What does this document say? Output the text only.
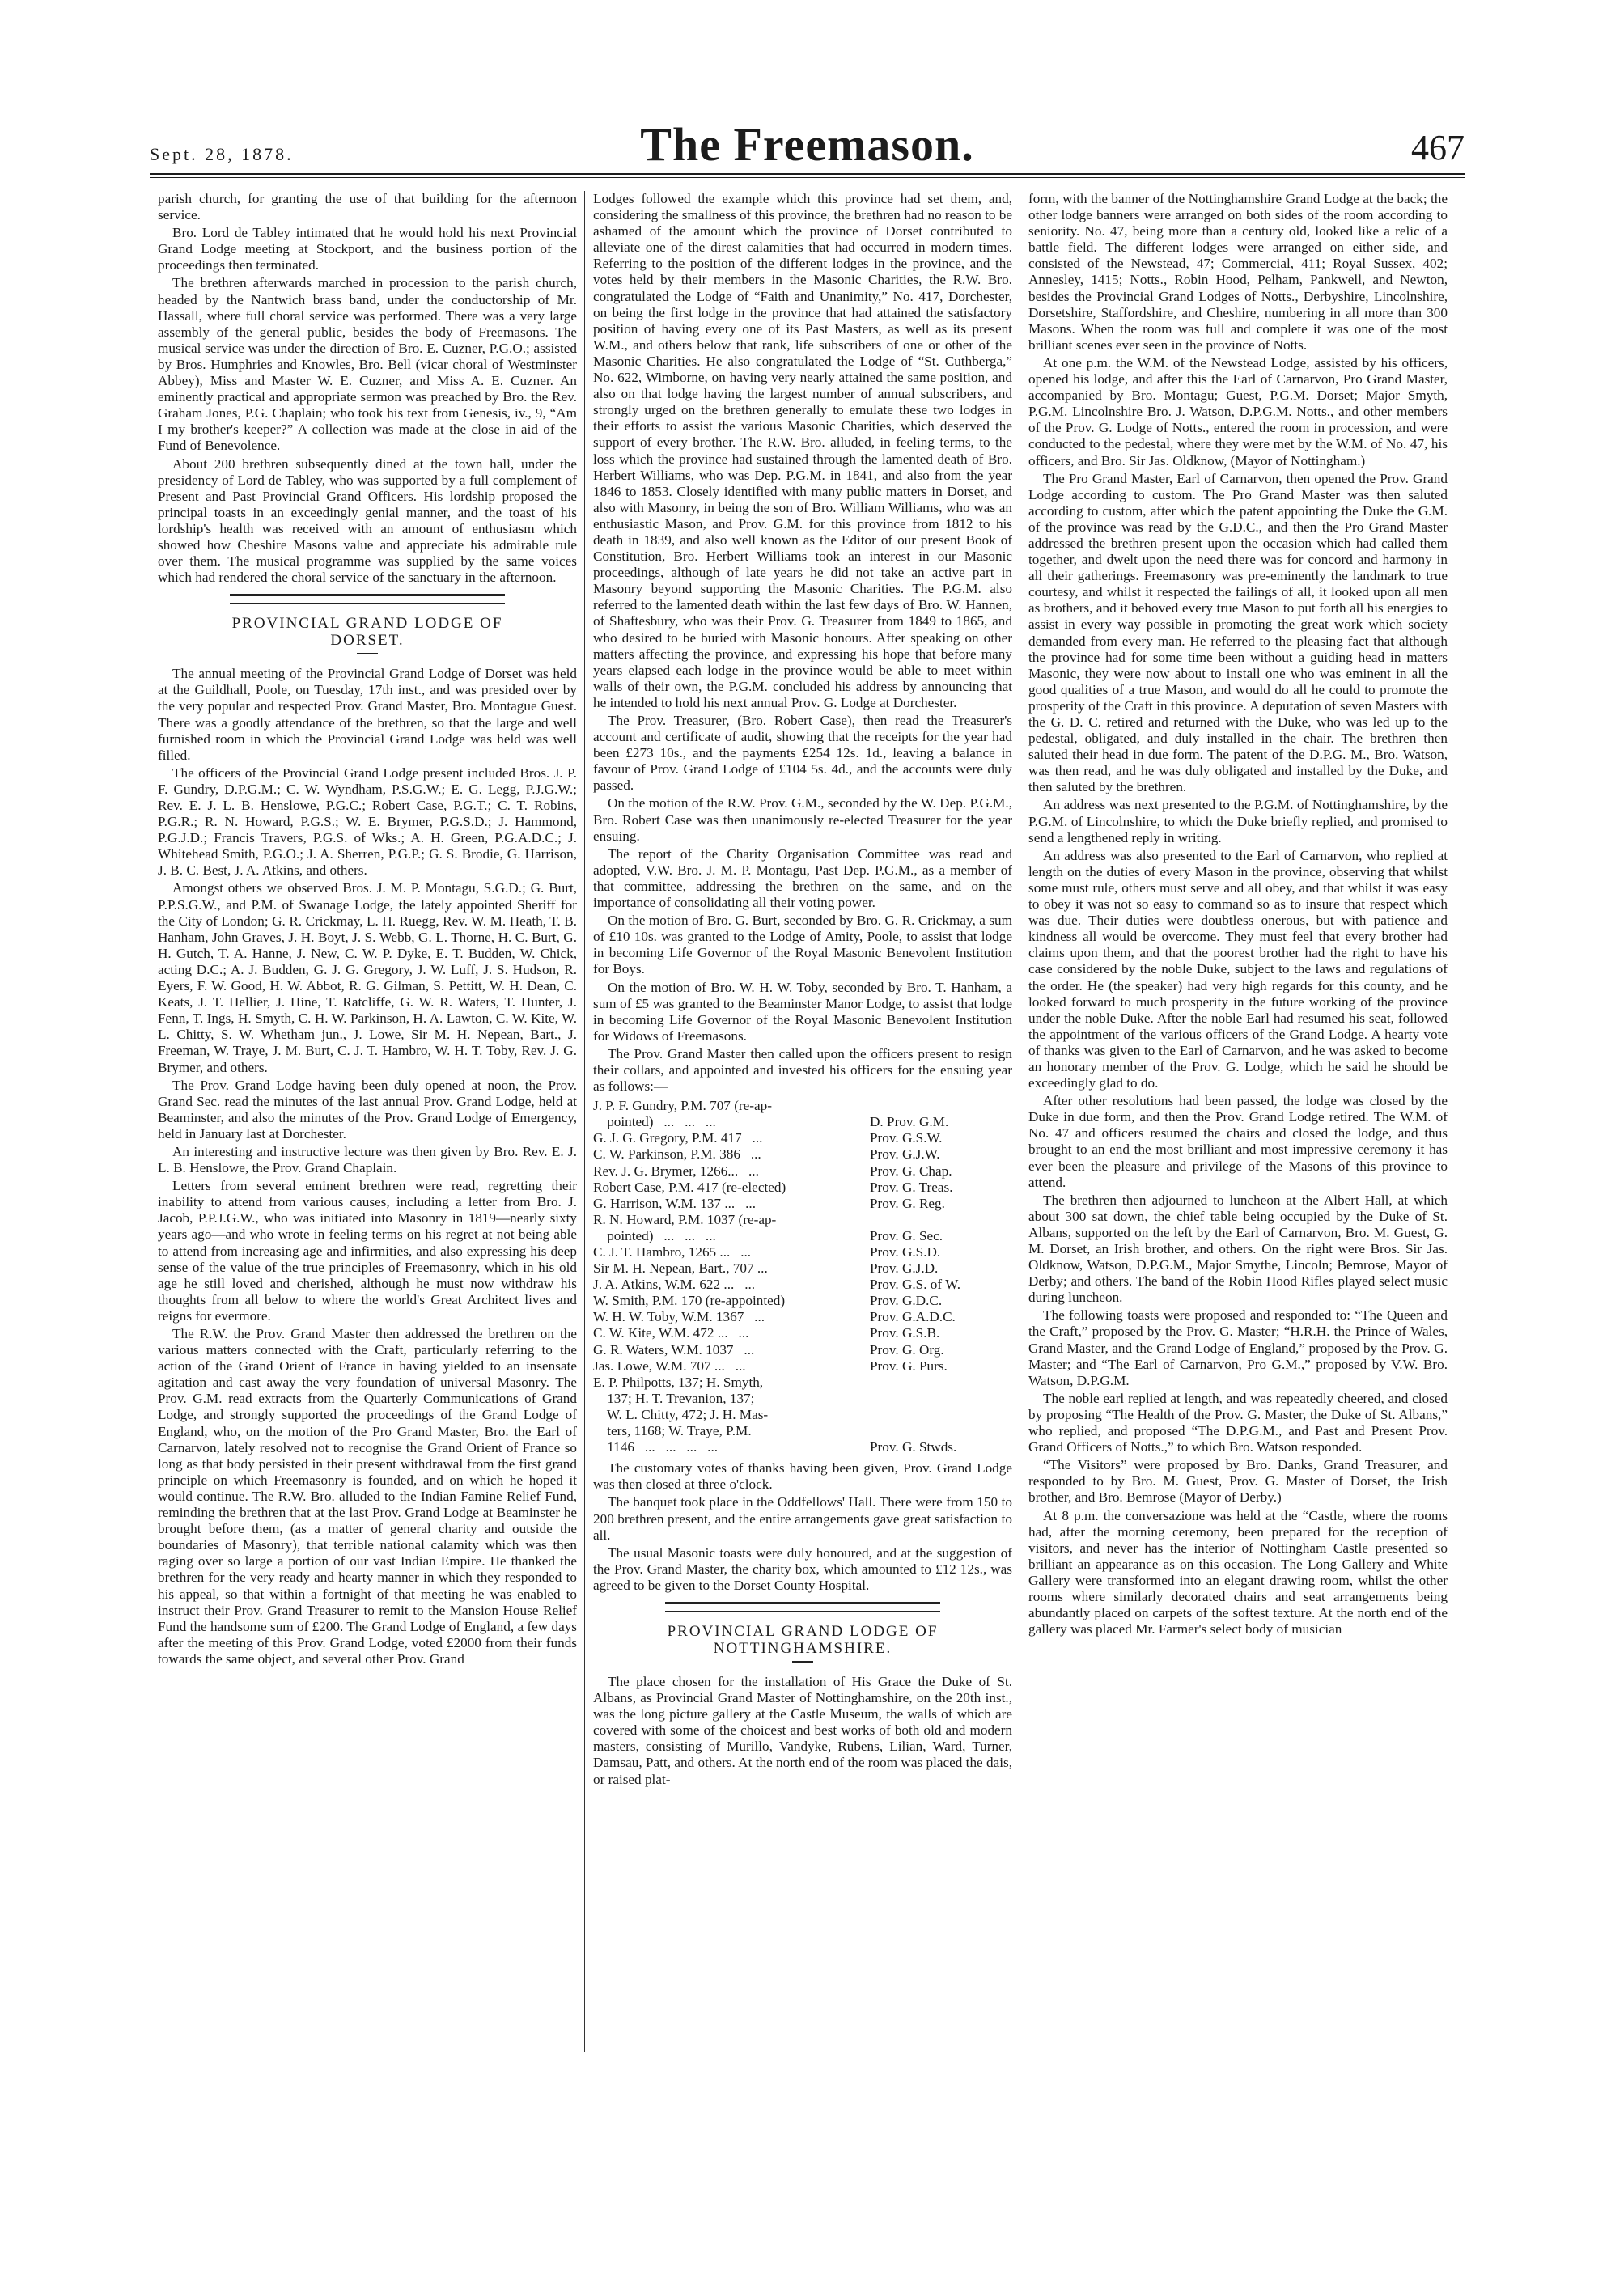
Sept. 28, 1878.	The Freemason.	467

parish church, for granting the use of that building for the afternoon service.

Bro. Lord de Tabley intimated that he would hold his next Provincial Grand Lodge meeting at Stockport, and the business portion of the proceedings then terminated.

The brethren afterwards marched in procession to the parish church, headed by the Nantwich brass band, under the conductorship of Mr. Hassall, where full choral service was performed. There was a very large assembly of the general public, besides the body of Freemasons. The musical service was under the direction of Bro. E. Cuzner, P.G.O.; assisted by Bros. Humphries and Knowles, Bro. Bell (vicar choral of Westminster Abbey), Miss and Master W. E. Cuzner, and Miss A. E. Cuzner. An eminently practical and appropriate sermon was preached by Bro. the Rev. Graham Jones, P.G. Chaplain; who took his text from Genesis, iv., 9, “Am I my brother's keeper?” A collection was made at the close in aid of the Fund of Benevolence.

About 200 brethren subsequently dined at the town hall, under the presidency of Lord de Tabley, who was supported by a full complement of Present and Past Provincial Grand Officers. His lordship proposed the principal toasts in an exceedingly genial manner, and the toast of his lordship's health was received with an amount of enthusiasm which showed how Cheshire Masons value and appreciate his admirable rule over them. The musical programme was supplied by the same voices which had rendered the choral service of the sanctuary in the afternoon.

PROVINCIAL GRAND LODGE OF
DORSET.

The annual meeting of the Provincial Grand Lodge of Dorset was held at the Guildhall, Poole, on Tuesday, 17th inst., and was presided over by the very popular and respected Prov. Grand Master, Bro. Montague Guest. There was a goodly attendance of the brethren, so that the large and well furnished room in which the Provincial Grand Lodge was held was well filled.

The officers of the Provincial Grand Lodge present included Bros. J. P. F. Gundry, D.P.G.M.; C. W. Wyndham, P.S.G.W.; E. G. Legg, P.J.G.W.; Rev. E. J. L. B. Henslowe, P.G.C.; Robert Case, P.G.T.; C. T. Robins, P.G.R.; R. N. Howard, P.G.S.; W. E. Brymer, P.G.S.D.; J. Hammond, P.G.J.D.; Francis Travers, P.G.S. of Wks.; A. H. Green, P.G.A.D.C.; J. Whitehead Smith, P.G.O.; J. A. Sherren, P.G.P.; G. S. Brodie, G. Harrison, J. B. C. Best, J. A. Atkins, and others.

Amongst others we observed Bros. J. M. P. Montagu, S.G.D.; G. Burt, P.P.S.G.W., and P.M. of Swanage Lodge, the lately appointed Sheriff for the City of London; G. R. Crickmay, L. H. Ruegg, Rev. W. M. Heath, T. B. Hanham, John Graves, J. H. Boyt, J. S. Webb, G. L. Thorne, H. C. Burt, G. H. Gutch, T. A. Hanne, J. New, C. W. P. Dyke, E. T. Budden, W. Chick, acting D.C.; A. J. Budden, G. J. G. Gregory, J. W. Luff, J. S. Hudson, R. Eyers, F. W. Good, H. W. Abbot, R. G. Gilman, S. Pettitt, W. H. Dean, C. Keats, J. T. Hellier, J. Hine, T. Ratcliffe, G. W. R. Waters, T. Hunter, J. Fenn, T. Ings, H. Smyth, C. H. W. Parkinson, H. A. Lawton, C. W. Kite, W. L. Chitty, S. W. Whetham jun., J. Lowe, Sir M. H. Nepean, Bart., J. Freeman, W. Traye, J. M. Burt, C. J. T. Hambro, W. H. T. Toby, Rev. J. G. Brymer, and others.

The Prov. Grand Lodge having been duly opened at noon, the Prov. Grand Sec. read the minutes of the last annual Prov. Grand Lodge, held at Beaminster, and also the minutes of the Prov. Grand Lodge of Emergency, held in January last at Dorchester.

An interesting and instructive lecture was then given by Bro. Rev. E. J. L. B. Henslowe, the Prov. Grand Chaplain.

Letters from several eminent brethren were read, regretting their inability to attend from various causes, including a letter from Bro. J. Jacob, P.P.J.G.W., who was initiated into Masonry in 1819—nearly sixty years ago—and who wrote in feeling terms on his regret at not being able to attend from increasing age and infirmities, and also expressing his deep sense of the value of the true principles of Freemasonry, which in his old age he still loved and cherished, although he must now withdraw his thoughts from all below to where the world's Great Architect lives and reigns for evermore.

The R.W. the Prov. Grand Master then addressed the brethren on the various matters connected with the Craft, particularly referring to the action of the Grand Orient of France in having yielded to an insensate agitation and cast away the very foundation of universal Masonry. The Prov. G.M. read extracts from the Quarterly Communications of Grand Lodge, and strongly supported the proceedings of the Grand Lodge of England, who, on the motion of the Pro Grand Master, Bro. the Earl of Carnarvon, lately resolved not to recognise the Grand Orient of France so long as that body persisted in their present withdrawal from the first grand principle on which Freemasonry is founded, and on which he hoped it would continue. The R.W. Bro. alluded to the Indian Famine Relief Fund, reminding the brethren that at the last Prov. Grand Lodge at Beaminster he brought before them, (as a matter of general charity and outside the boundaries of Masonry), that terrible national calamity which was then raging over so large a portion of our vast Indian Empire. He thanked the brethren for the very ready and hearty manner in which they responded to his appeal, so that within a fortnight of that meeting he was enabled to instruct their Prov. Grand Treasurer to remit to the Mansion House Relief Fund the handsome sum of £200. The Grand Lodge of England, a few days after the meeting of this Prov. Grand Lodge, voted £2000 from their funds towards the same object, and several other Prov. Grand

Lodges followed the example which this province had set them, and, considering the smallness of this province, the brethren had no reason to be ashamed of the amount which the province of Dorset contributed to alleviate one of the direst calamities that had occurred in modern times. Referring to the position of the different lodges in the province, and the votes held by their members in the Masonic Charities, the R.W. Bro. congratulated the Lodge of “Faith and Unanimity,” No. 417, Dorchester, on being the first lodge in the province that had attained the satisfactory position of having every one of its Past Masters, as well as its present W.M., and others below that rank, life subscribers of one or other of the Masonic Charities. He also congratulated the Lodge of “St. Cuthberga,” No. 622, Wimborne, on having very nearly attained the same position, and also on that lodge having the largest number of annual subscribers, and strongly urged on the brethren generally to emulate these two lodges in their efforts to assist the various Masonic Charities, which deserved the support of every brother. The R.W. Bro. alluded, in feeling terms, to the loss which the province had sustained through the lamented death of Bro. Herbert Williams, who was Dep. P.G.M. in 1841, and also from the year 1846 to 1853. Closely identified with many public matters in Dorset, and also with Masonry, in being the son of Bro. William Williams, who was an enthusiastic Mason, and Prov. G.M. for this province from 1812 to his death in 1839, and also well known as the Editor of our present Book of Constitution, Bro. Herbert Williams took an interest in our Masonic proceedings, although of late years he did not take an active part in Masonry beyond supporting the Masonic Charities. The P.G.M. also referred to the lamented death within the last few days of Bro. W. Hannen, of Shaftesbury, who was their Prov. G. Treasurer from 1849 to 1865, and who desired to be buried with Masonic honours. After speaking on other matters affecting the province, and expressing his hope that before many years elapsed each lodge in the province would be able to meet within walls of their own, the P.G.M. concluded his address by announcing that he intended to hold his next annual Prov. G. Lodge at Dorchester.

The Prov. Treasurer, (Bro. Robert Case), then read the Treasurer's account and certificate of audit, showing that the receipts for the year had been £273 10s., and the payments £254 12s. 1d., leaving a balance in favour of Prov. Grand Lodge of £104 5s. 4d., and the accounts were duly passed.

On the motion of the R.W. Prov. G.M., seconded by the W. Dep. P.G.M., Bro. Robert Case was then unanimously re-elected Treasurer for the year ensuing.

The report of the Charity Organisation Committee was read and adopted, V.W. Bro. J. M. P. Montagu, Past Dep. P.G.M., as a member of that committee, addressing the brethren on the same, and on the importance of consolidating all their voting power.

On the motion of Bro. G. Burt, seconded by Bro. G. R. Crickmay, a sum of £10 10s. was granted to the Lodge of Amity, Poole, to assist that lodge in becoming Life Governor of the Royal Masonic Benevolent Institution for Boys.

On the motion of Bro. W. H. W. Toby, seconded by Bro. T. Hanham, a sum of £5 was granted to the Beaminster Manor Lodge, to assist that lodge in becoming Life Governor of the Royal Masonic Benevolent Institution for Widows of Freemasons.

The Prov. Grand Master then called upon the officers present to resign their collars, and appointed and invested his officers for the ensuing year as follows:—

J. P. F. Gundry, P.M. 707 (re-ap-
pointed)   ...   ...   ...	D. Prov. G.M.
G. J. G. Gregory, P.M. 417   ...	Prov. G.S.W.
C. W. Parkinson, P.M. 386   ...	Prov. G.J.W.
Rev. J. G. Brymer, 1266...   ...	Prov. G. Chap.
Robert Case, P.M. 417 (re-elected)	Prov. G. Treas.
G. Harrison, W.M. 137 ...   ...	Prov. G. Reg.
R. N. Howard, P.M. 1037 (re-ap-
pointed)   ...   ...   ...	Prov. G. Sec.
C. J. T. Hambro, 1265 ...   ...	Prov. G.S.D.
Sir M. H. Nepean, Bart., 707 ...	Prov. G.J.D.
J. A. Atkins, W.M. 622 ...   ...	Prov. G.S. of W.
W. Smith, P.M. 170 (re-appointed)	Prov. G.D.C.
W. H. W. Toby, W.M. 1367   ...	Prov. G.A.D.C.
C. W. Kite, W.M. 472 ...   ...	Prov. G.S.B.
G. R. Waters, W.M. 1037   ...	Prov. G. Org.
Jas. Lowe, W.M. 707 ...   ...	Prov. G. Purs.
E. P. Philpotts, 137; H. Smyth,
137; H. T. Trevanion, 137;
W. L. Chitty, 472; J. H. Mas-
ters, 1168; W. Traye, P.M.
1146   ...   ...   ...   ...	Prov. G. Stwds.

The customary votes of thanks having been given, Prov. Grand Lodge was then closed at three o'clock.

The banquet took place in the Oddfellows' Hall. There were from 150 to 200 brethren present, and the entire arrangements gave great satisfaction to all.

The usual Masonic toasts were duly honoured, and at the suggestion of the Prov. Grand Master, the charity box, which amounted to £12 12s., was agreed to be given to the Dorset County Hospital.

PROVINCIAL GRAND LODGE OF
NOTTINGHAMSHIRE.

The place chosen for the installation of His Grace the Duke of St. Albans, as Provincial Grand Master of Nottinghamshire, on the 20th inst., was the long picture gallery at the Castle Museum, the walls of which are covered with some of the choicest and best works of both old and modern masters, consisting of Murillo, Vandyke, Rubens, Lilian, Ward, Turner, Damsau, Patt, and others. At the north end of the room was placed the dais, or raised plat-

form, with the banner of the Nottinghamshire Grand Lodge at the back; the other lodge banners were arranged on both sides of the room according to seniority. No. 47, being more than a century old, looked like a relic of a battle field. The different lodges were arranged on either side, and consisted of the Newstead, 47; Commercial, 411; Royal Sussex, 402; Annesley, 1415; Notts., Robin Hood, Pelham, Pankwell, and Newton, besides the Provincial Grand Lodges of Notts., Derbyshire, Lincolnshire, Dorsetshire, Staffordshire, and Cheshire, numbering in all more than 300 Masons. When the room was full and complete it was one of the most brilliant scenes ever seen in the province of Notts.

At one p.m. the W.M. of the Newstead Lodge, assisted by his officers, opened his lodge, and after this the Earl of Carnarvon, Pro Grand Master, accompanied by Bro. Montagu; Guest, P.G.M. Dorset; Major Smyth, P.G.M. Lincolnshire Bro. J. Watson, D.P.G.M. Notts., and other members of the Prov. G. Lodge of Notts., entered the room in procession, and were conducted to the pedestal, where they were met by the W.M. of No. 47, his officers, and Bro. Sir Jas. Oldknow, (Mayor of Nottingham.)

The Pro Grand Master, Earl of Carnarvon, then opened the Prov. Grand Lodge according to custom. The Pro Grand Master was then saluted according to custom, after which the patent appointing the Duke the G.M. of the province was read by the G.D.C., and then the Pro Grand Master addressed the brethren present upon the occasion which had called them together, and dwelt upon the need there was for concord and harmony in all their gatherings. Freemasonry was pre-eminently the landmark to true courtesy, and whilst it respected the failings of all, it looked upon all men as brothers, and it behoved every true Mason to put forth all his energies to assist in every way possible in promoting the great work which society demanded from every man. He referred to the pleasing fact that although the province had for some time been without a guiding head in matters Masonic, they were now about to install one who was eminent in all the good qualities of a true Mason, and would do all he could to promote the prosperity of the Craft in this province. A deputation of seven Masters with the G. D. C. retired and returned with the Duke, who was led up to the pedestal, obligated, and duly installed in the chair. The brethren then saluted their head in due form. The patent of the D.P.G. M., Bro. Watson, was then read, and he was duly obligated and installed by the Duke, and then saluted by the brethren.

An address was next presented to the P.G.M. of Nottinghamshire, by the P.G.M. of Lincolnshire, to which the Duke briefly replied, and promised to send a lengthened reply in writing.

An address was also presented to the Earl of Carnarvon, who replied at length on the duties of every Mason in the province, observing that whilst some must rule, others must serve and all obey, and that whilst it was easy to obey it was not so easy to command so as to insure that respect which was due. Their duties were doubtless onerous, but with patience and kindness all would be overcome. They must feel that every brother had claims upon them, and that the poorest brother had the right to have his case considered by the noble Duke, subject to the laws and regulations of the order. He (the speaker) had very high regards for this county, and he looked forward to much prosperity in the future working of the province under the noble Duke. After the noble Earl had resumed his seat, followed the appointment of the various officers of the Grand Lodge. A hearty vote of thanks was given to the Earl of Carnarvon, and he was asked to become an honorary member of the Prov. G. Lodge, which he said he should be exceedingly glad to do.

After other resolutions had been passed, the lodge was closed by the Duke in due form, and then the Prov. Grand Lodge retired. The W.M. of No. 47 and officers resumed the chairs and closed the lodge, and thus brought to an end the most brilliant and most impressive ceremony it has ever been the pleasure and privilege of the Masons of this province to attend.

The brethren then adjourned to luncheon at the Albert Hall, at which about 300 sat down, the chief table being occupied by the Duke of St. Albans, supported on the left by the Earl of Carnarvon, Bro. M. Guest, G. M. Dorset, an Irish brother, and others. On the right were Bros. Sir Jas. Oldknow, Watson, D.P.G.M., Major Smythe, Lincoln; Bemrose, Mayor of Derby; and others. The band of the Robin Hood Rifles played select music during luncheon.

The following toasts were proposed and responded to: “The Queen and the Craft,” proposed by the Prov. G. Master; “H.R.H. the Prince of Wales, Grand Master, and the Grand Lodge of England,” proposed by the Prov. G. Master; and “The Earl of Carnarvon, Pro G.M.,” proposed by V.W. Bro. Watson, D.P.G.M.

The noble earl replied at length, and was repeatedly cheered, and closed by proposing “The Health of the Prov. G. Master, the Duke of St. Albans,” who replied, and proposed “The D.P.G.M., and Past and Present Prov. Grand Officers of Notts.,” to which Bro. Watson responded.

“The Visitors” were proposed by Bro. Danks, Grand Treasurer, and responded to by Bro. M. Guest, Prov. G. Master of Dorset, the Irish brother, and Bro. Bemrose (Mayor of Derby.)

At 8 p.m. the conversazione was held at the “Castle, where the rooms had, after the morning ceremony, been prepared for the reception of visitors, and never has the interior of Nottingham Castle presented so brilliant an appearance as on this occasion. The Long Gallery and White Gallery were transformed into an elegant drawing room, whilst the other rooms where similarly decorated chairs and seat arrangements being abundantly placed on carpets of the softest texture. At the north end of the gallery was placed Mr. Farmer's select body of musician
